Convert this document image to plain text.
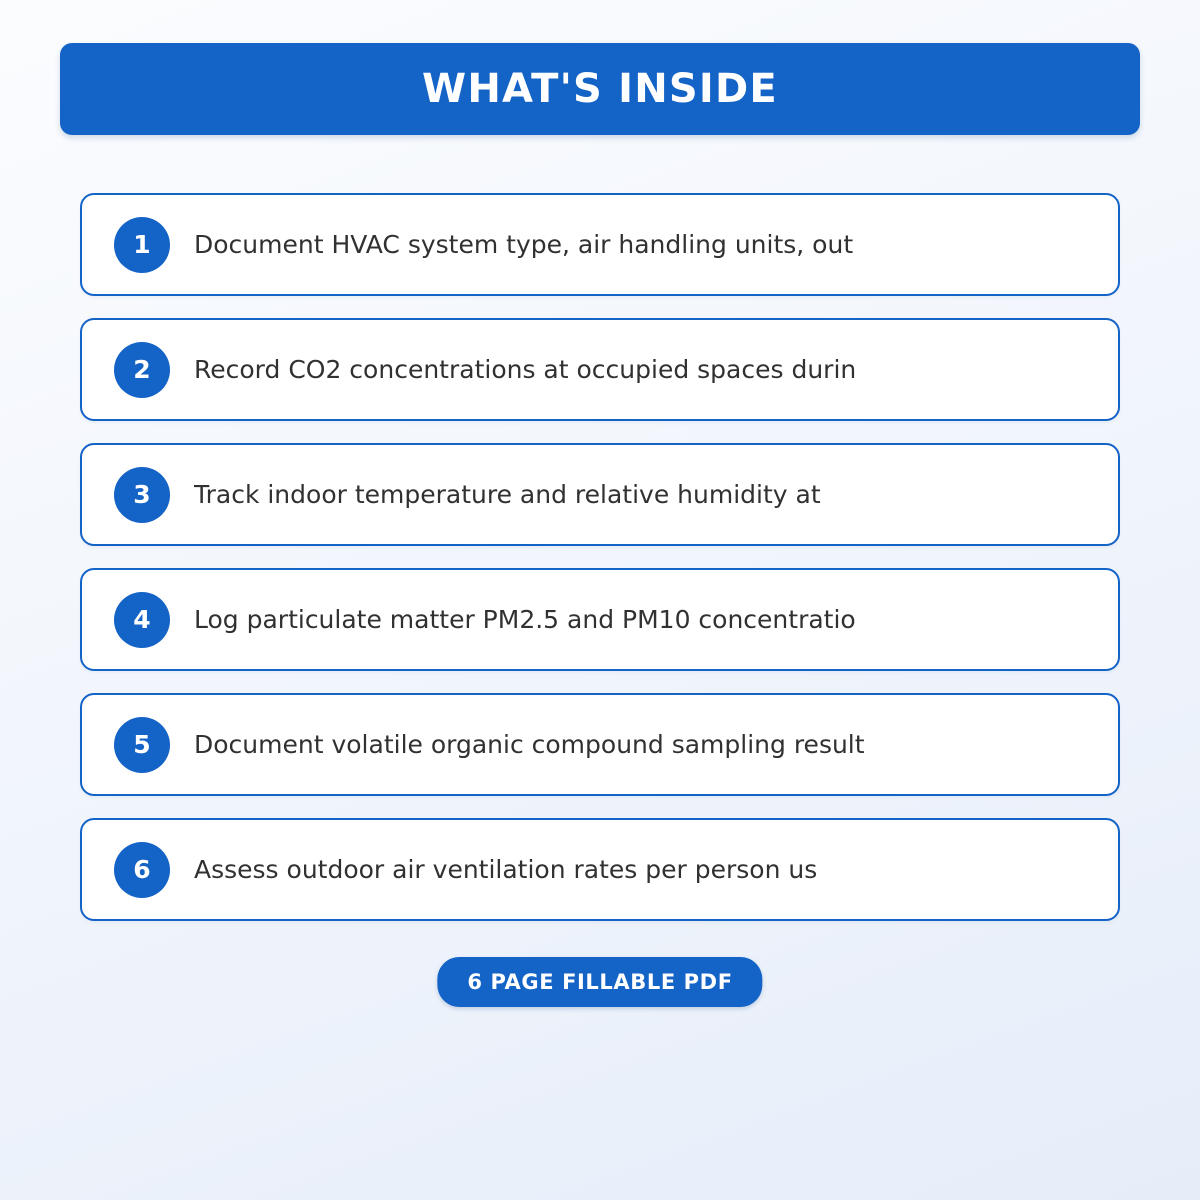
WHAT'S INSIDE
1	Document HVAC system type, air handling units, out
2	Record CO2 concentrations at occupied spaces durin
3	Track indoor temperature and relative humidity at
4	Log particulate matter PM2.5 and PM10 concentratio
5	Document volatile organic compound sampling result
6	Assess outdoor air ventilation rates per person us
6 PAGE FILLABLE PDF
